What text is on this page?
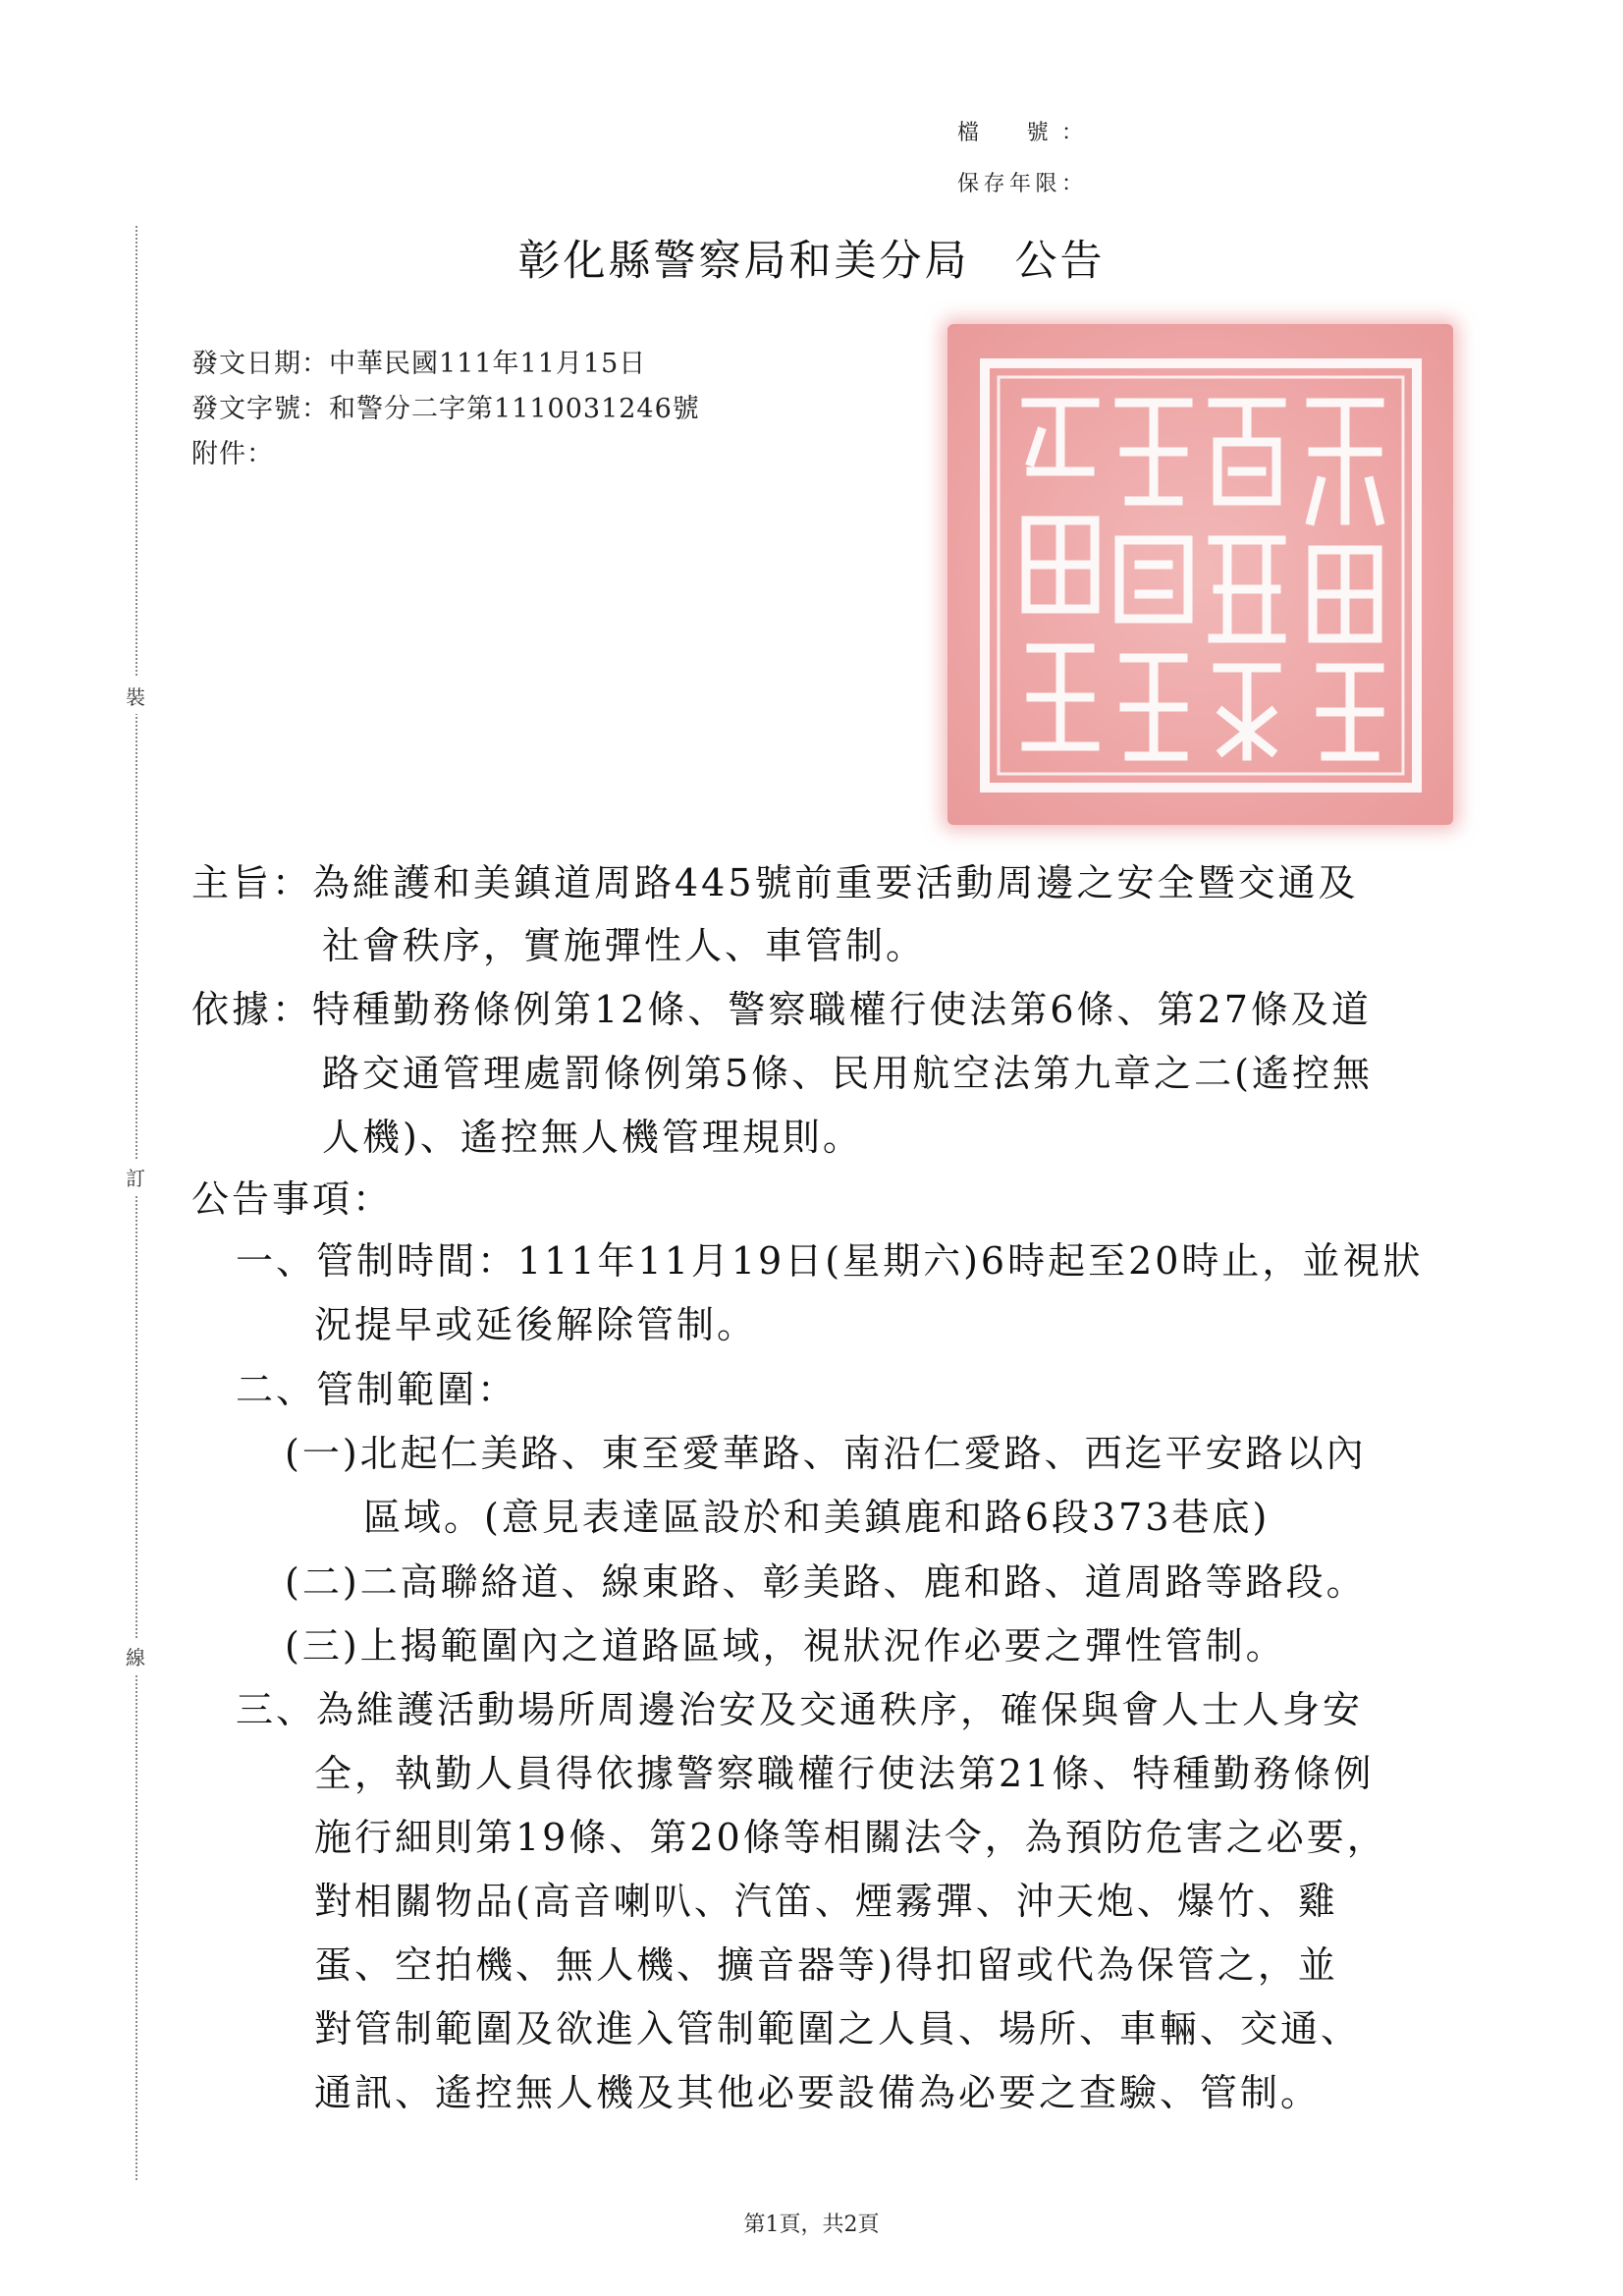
檔　號：
保存年限：
裝
訂
線
彰化縣警察局和美分局　公告
發文日期：中華民國111年11月15日
發文字號：和警分二字第1110031246號
附件：
主旨：為維護和美鎮道周路445號前重要活動周邊之安全暨交通及
社會秩序，實施彈性人、車管制。
依據：特種勤務條例第12條、警察職權行使法第6條、第27條及道
路交通管理處罰條例第5條、民用航空法第九章之二(遙控無
人機)、遙控無人機管理規則。
公告事項：
一、管制時間：111年11月19日(星期六)6時起至20時止，並視狀
況提早或延後解除管制。
二、管制範圍：
(一)北起仁美路、東至愛華路、南沿仁愛路、西迄平安路以內
區域。(意見表達區設於和美鎮鹿和路6段373巷底)
(二)二高聯絡道、線東路、彰美路、鹿和路、道周路等路段。
(三)上揭範圍內之道路區域，視狀況作必要之彈性管制。
三、為維護活動場所周邊治安及交通秩序，確保與會人士人身安
全，執勤人員得依據警察職權行使法第21條、特種勤務條例
施行細則第19條、第20條等相關法令，為預防危害之必要，
對相關物品(高音喇叭、汽笛、煙霧彈、沖天炮、爆竹、雞
蛋、空拍機、無人機、擴音器等)得扣留或代為保管之，並
對管制範圍及欲進入管制範圍之人員、場所、車輛、交通、
通訊、遙控無人機及其他必要設備為必要之查驗、管制。
第1頁，共2頁
